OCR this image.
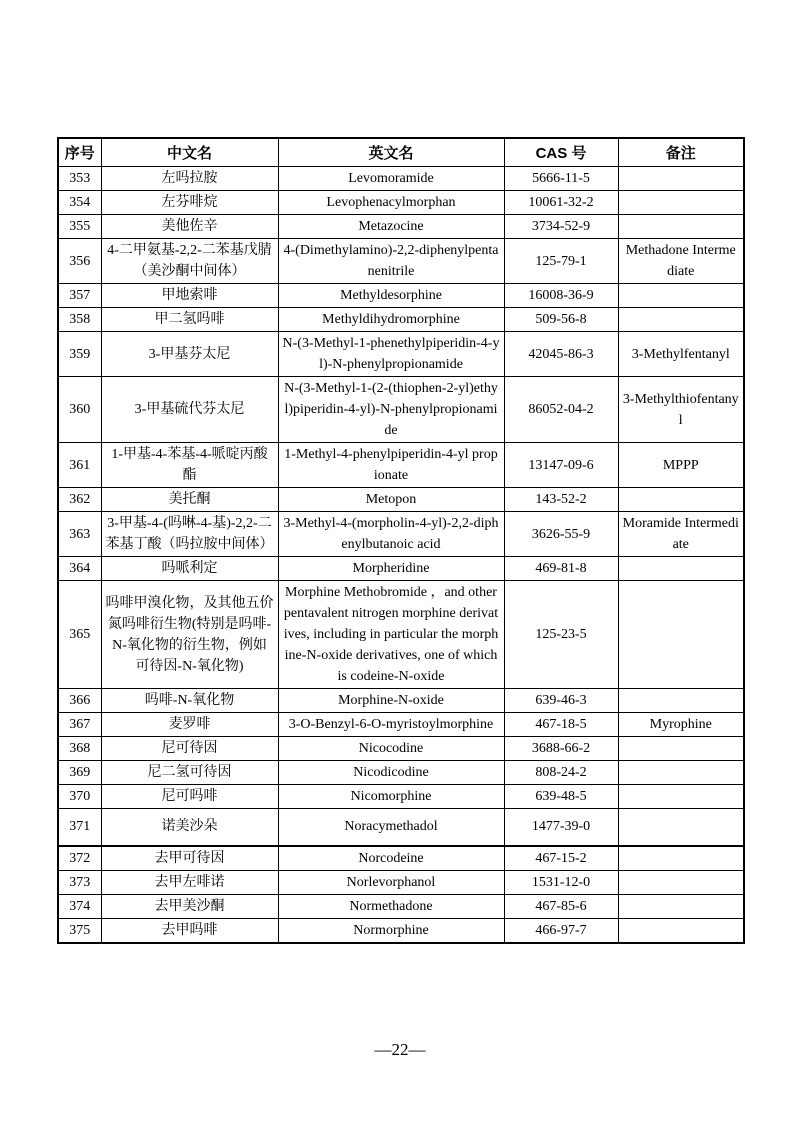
序号	中文名	英文名	CAS 号	备注
353	左吗拉胺	Levomoramide	5666-11-5	
354	左芬啡烷	Levophenacylmorphan	10061-32-2	
355	美他佐辛	Metazocine	3734-52-9	
356	4-二甲氨基-2,2-二苯基戊腈（美沙酮中间体）	4-(Dimethylamino)-2,2-diphenylpentanenitrile	125-79-1	Methadone Intermediate
357	甲地索啡	Methyldesorphine	16008-36-9	
358	甲二氢吗啡	Methyldihydromorphine	509-56-8	
359	3-甲基芬太尼	N-(3-Methyl-1-phenethylpiperidin-4-yl)-N-phenylpropionamide	42045-86-3	3-Methylfentanyl
360	3-甲基硫代芬太尼	N-(3-Methyl-1-(2-(thiophen-2-yl)ethyl)piperidin-4-yl)-N-phenylpropionamide	86052-04-2	3-Methylthiofentanyl
361	1-甲基-4-苯基-4-哌啶丙酸酯	1-Methyl-4-phenylpiperidin-4-yl propionate	13147-09-6	MPPP
362	美托酮	Metopon	143-52-2	
363	3-甲基-4-(吗啉-4-基)-2,2-二苯基丁酸（吗拉胺中间体）	3-Methyl-4-(morpholin-4-yl)-2,2-diphenylbutanoic acid	3626-55-9	Moramide Intermediate
364	吗哌利定	Morpheridine	469-81-8	
365	吗啡甲溴化物，及其他五价氮吗啡衍生物(特别是吗啡-N-氧化物的衍生物，例如可待因-N-氧化物)	Morphine Methobromide ，and other pentavalent nitrogen morphine derivatives, including in particular the morphine-N-oxide derivatives, one of which is codeine-N-oxide	125-23-5	
366	吗啡-N-氧化物	Morphine-N-oxide	639-46-3	
367	麦罗啡	3-O-Benzyl-6-O-myristoylmorphine	467-18-5	Myrophine
368	尼可待因	Nicocodine	3688-66-2	
369	尼二氢可待因	Nicodicodine	808-24-2	
370	尼可吗啡	Nicomorphine	639-48-5	
371	诺美沙朵	Noracymethadol	1477-39-0	
372	去甲可待因	Norcodeine	467-15-2	
373	去甲左啡诺	Norlevorphanol	1531-12-0	
374	去甲美沙酮	Normethadone	467-85-6	
375	去甲吗啡	Normorphine	466-97-7	
—22—
